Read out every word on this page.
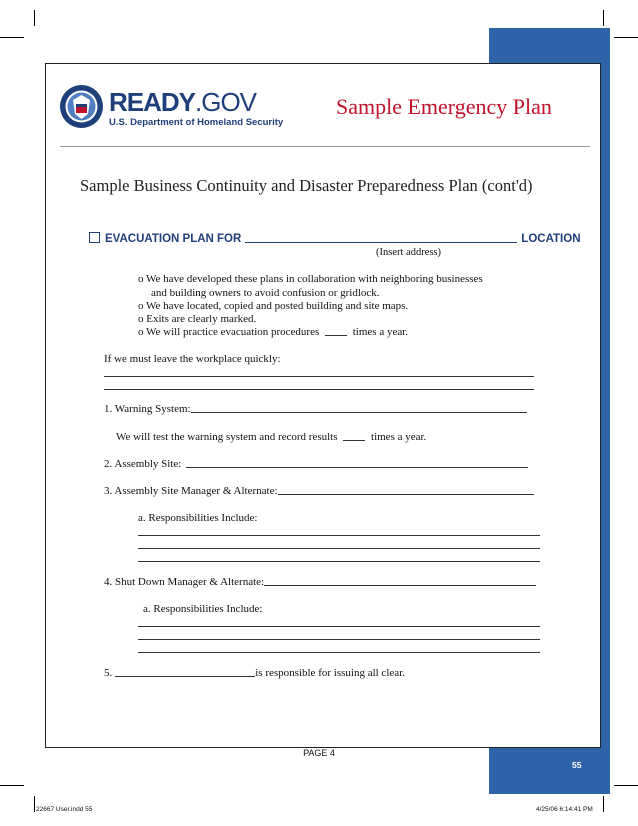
READY.GOV
U.S. Department of Homeland Security
Sample Emergency Plan
Sample Business Continuity and Disaster Preparedness Plan (cont'd)
EVACUATION PLAN FOR	LOCATION
(Insert address)
o We have developed these plans in collaboration with neighboring businesses
and building owners to avoid confusion or gridlock.
o We have located, copied and posted building and site maps.
o Exits are clearly marked.
o We will practice evacuation procedures	times a year.
If we must leave the workplace quickly:
1. Warning System:
We will test the warning system and record results	times a year.
2. Assembly Site:
3. Assembly Site Manager & Alternate:
a. Responsibilities Include:
4. Shut Down Manager & Alternate:
a. Responsibilities Include:
5.	is responsible for issuing all clear.
PAGE 4
55
22667 User.indd 55	4/25/06 6:14:41 PM
